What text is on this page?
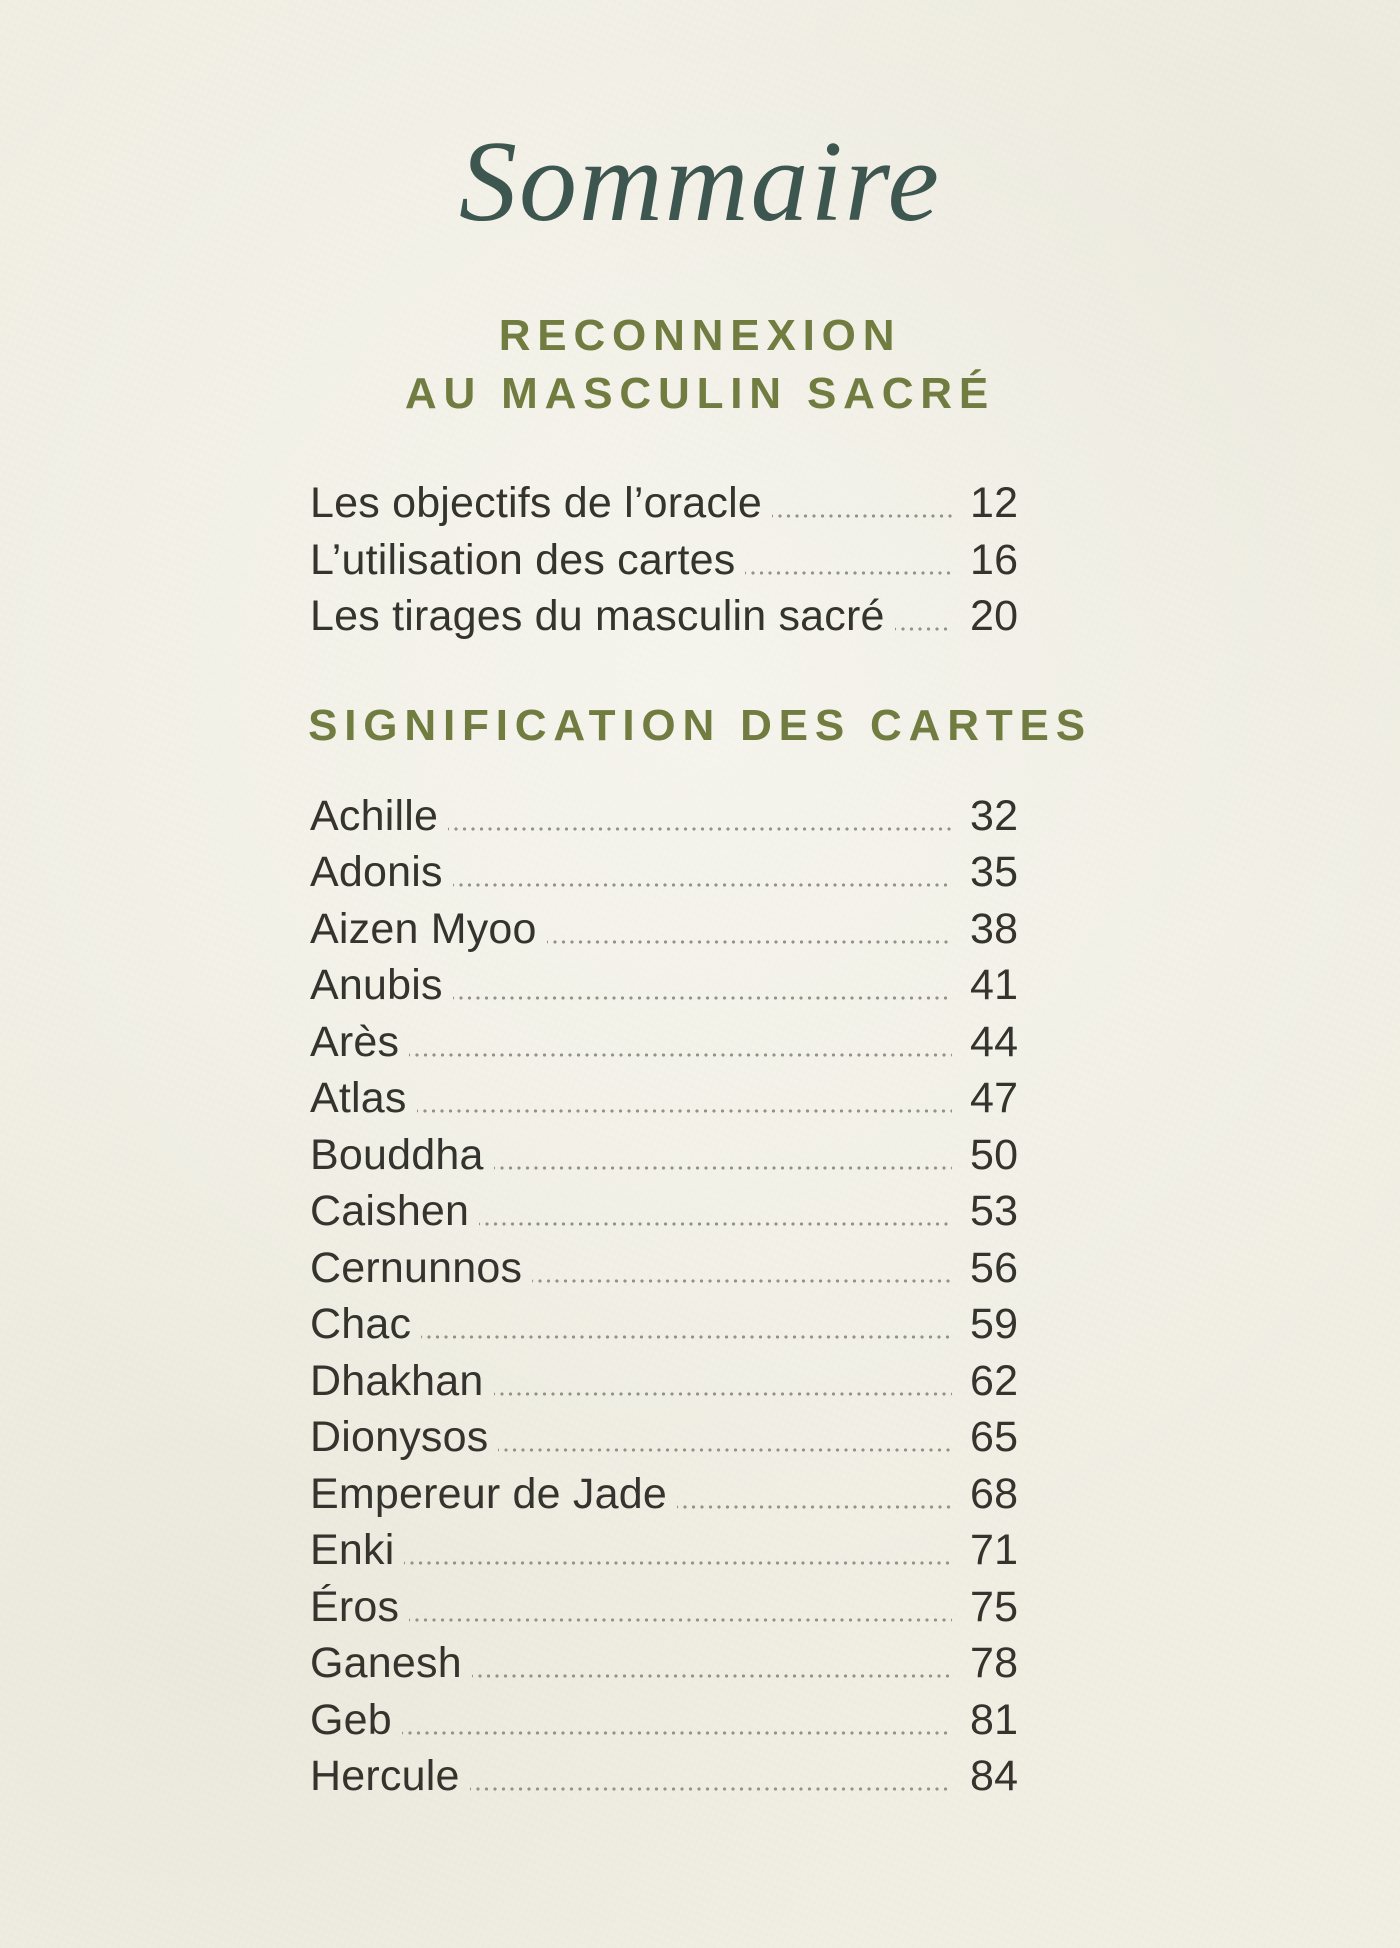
Sommaire
RECONNEXION
AU MASCULIN SACRÉ
Les objectifs de l’oracle	12
L’utilisation des cartes	16
Les tirages du masculin sacré 20
SIGNIFICATION DES CARTES
Achille	32
Adonis	35
Aizen Myoo	38
Anubis	41
Arès	44
Atlas	47
Bouddha	50
Caishen	53
Cernunnos	56
Chac	59
Dhakhan	62
Dionysos	65
Empereur de Jade	68
Enki	71
Éros	75
Ganesh	78
Geb	81
Hercule	84
